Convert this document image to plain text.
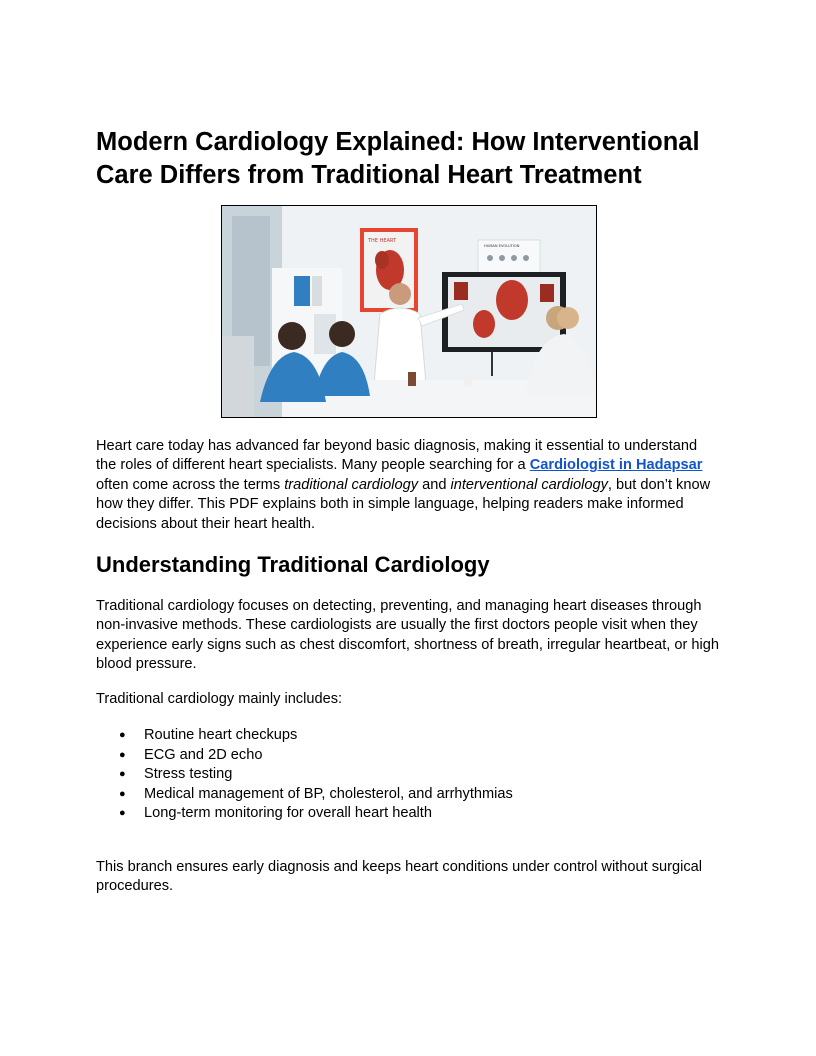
Modern Cardiology Explained: How Interventional Care Differs from Traditional Heart Treatment
THE HEART
HUMAN EVOLUTION

Heart care today has advanced far beyond basic diagnosis, making it essential to understand the roles of different heart specialists. Many people searching for a Cardiologist in Hadapsar often come across the terms traditional cardiology and interventional cardiology, but don’t know how they differ. This PDF explains both in simple language, helping readers make informed decisions about their heart health.

Understanding Traditional Cardiology

Traditional cardiology focuses on detecting, preventing, and managing heart diseases through non-invasive methods. These cardiologists are usually the first doctors people visit when they experience early signs such as chest discomfort, shortness of breath, irregular heartbeat, or high blood pressure.

Traditional cardiology mainly includes:

● Routine heart checkups
● ECG and 2D echo
● Stress testing
● Medical management of BP, cholesterol, and arrhythmias
● Long-term monitoring for overall heart health

This branch ensures early diagnosis and keeps heart conditions under control without surgical procedures.
